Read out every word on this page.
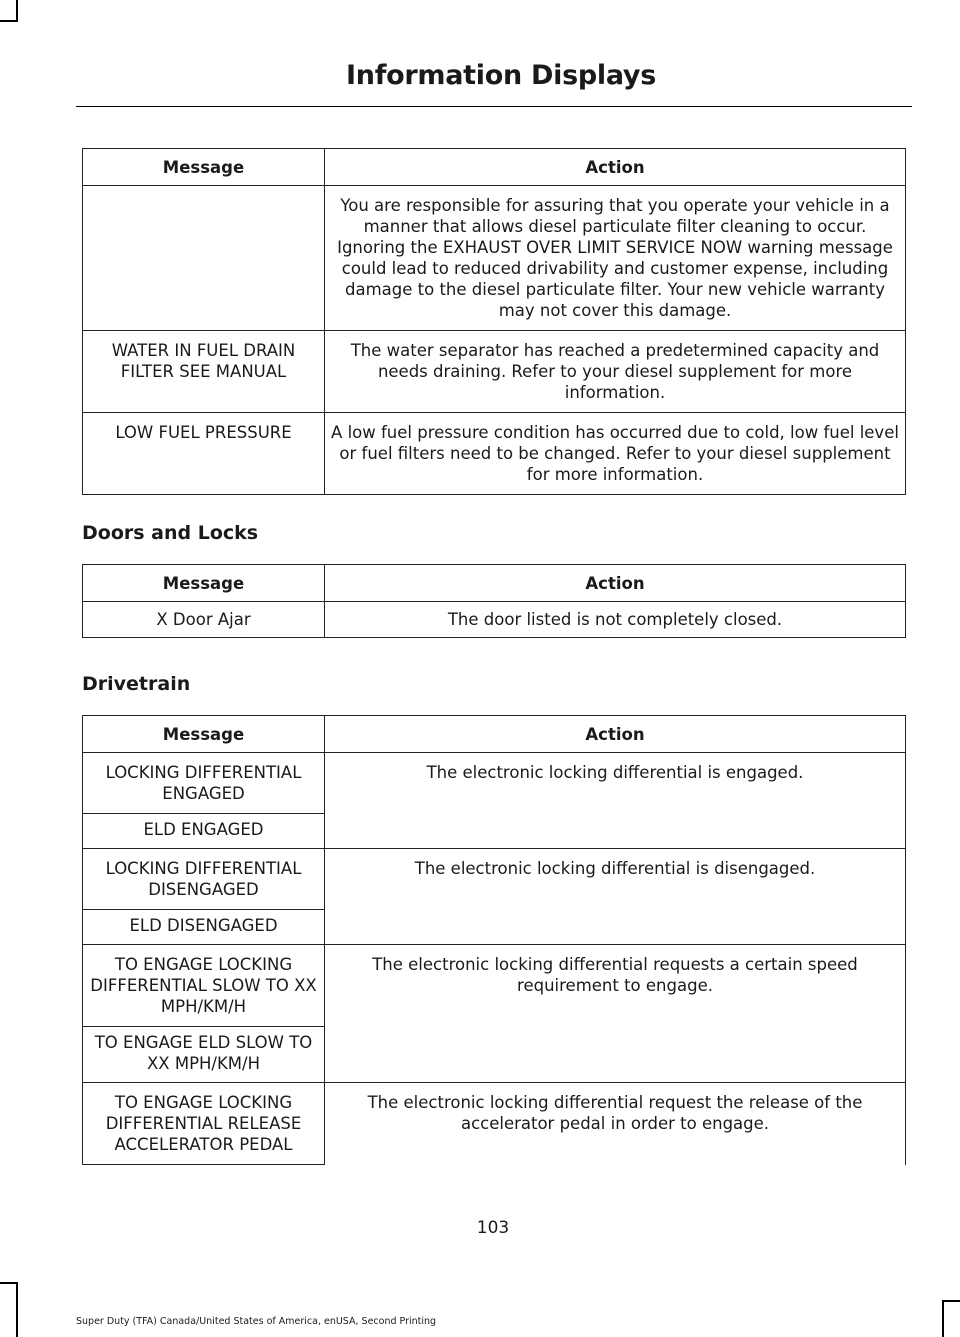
Information Displays
Message	Action
	You are responsible for assuring that you operate your vehicle in a manner that allows diesel particulate filter cleaning to occur. Ignoring the EXHAUST OVER LIMIT SERVICE NOW warning message could lead to reduced drivability and customer expense, including damage to the diesel particulate filter. Your new vehicle warranty may not cover this damage.
WATER IN FUEL DRAIN FILTER SEE MANUAL	The water separator has reached a predetermined capacity and needs draining. Refer to your diesel supplement for more information.
LOW FUEL PRESSURE	A low fuel pressure condition has occurred due to cold, low fuel level or fuel filters need to be changed. Refer to your diesel supplement for more information.
Doors and Locks
Message	Action
X Door Ajar	The door listed is not completely closed.
Drivetrain
Message	Action
LOCKING DIFFERENTIAL ENGAGED	The electronic locking differential is engaged.
ELD ENGAGED	
LOCKING DIFFERENTIAL DISENGAGED	The electronic locking differential is disengaged.
ELD DISENGAGED	
TO ENGAGE LOCKING DIFFERENTIAL SLOW TO XX MPH/KM/H	The electronic locking differential requests a certain speed requirement to engage.
TO ENGAGE ELD SLOW TO XX MPH/KM/H	
TO ENGAGE LOCKING DIFFERENTIAL RELEASE ACCELERATOR PEDAL	The electronic locking differential request the release of the accelerator pedal in order to engage.
103
Super Duty (TFA) Canada/United States of America, enUSA, Second Printing
